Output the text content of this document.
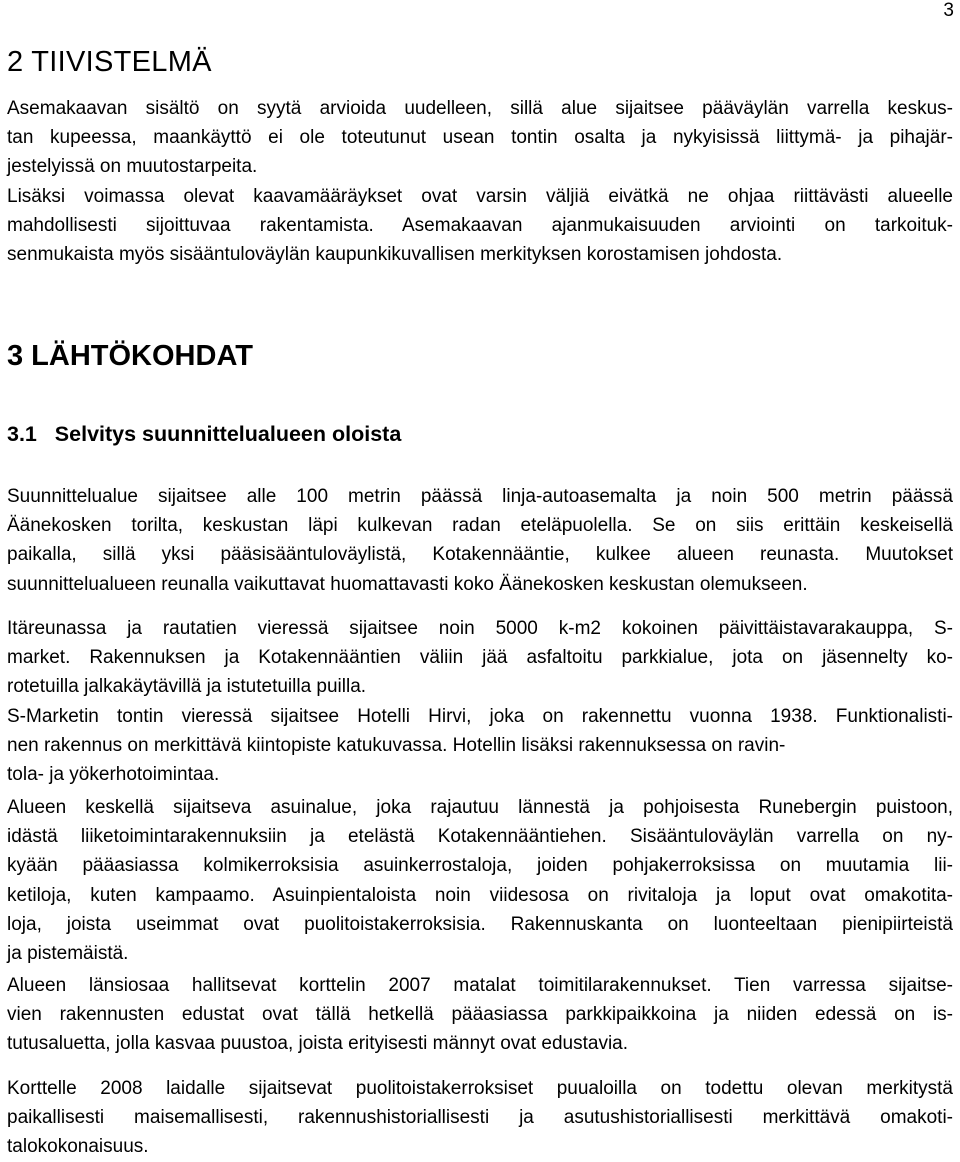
3
2 TIIVISTELMÄ
Asemakaavan sisältö on syytä arvioida uudelleen, sillä alue sijaitsee pääväylän varrella keskus-
tan kupeessa, maankäyttö ei ole toteutunut usean tontin osalta ja nykyisissä liittymä- ja pihajär-
jestelyissä on muutostarpeita.
Lisäksi voimassa olevat kaavamääräykset ovat varsin väljiä eivätkä ne ohjaa riittävästi alueelle
mahdollisesti sijoittuvaa rakentamista. Asemakaavan ajanmukaisuuden arviointi on tarkoituk-
senmukaista myös sisääntuloväylän kaupunkikuvallisen merkityksen korostamisen johdosta.
3 LÄHTÖKOHDAT
3.1   Selvitys suunnittelualueen oloista
Suunnittelualue sijaitsee alle 100 metrin päässä linja-autoasemalta ja noin 500 metrin päässä
Äänekosken torilta, keskustan läpi kulkevan radan eteläpuolella. Se on siis erittäin keskeisellä
paikalla, sillä yksi pääsisääntuloväylistä, Kotakennääntie, kulkee alueen reunasta. Muutokset
suunnittelualueen reunalla vaikuttavat huomattavasti koko Äänekosken keskustan olemukseen.
Itäreunassa ja rautatien vieressä sijaitsee noin 5000 k-m2 kokoinen päivittäistavarakauppa, S-
market. Rakennuksen ja Kotakennääntien väliin jää asfaltoitu parkkialue, jota on jäsennelty ko-
rotetuilla jalkakäytävillä ja istutetuilla puilla.
S-Marketin tontin vieressä sijaitsee Hotelli Hirvi, joka on rakennettu vuonna 1938. Funktionalisti-
nen rakennus on merkittävä kiintopiste katukuvassa. Hotellin lisäksi rakennuksessa on ravin-
tola- ja yökerhotoimintaa.
Alueen keskellä sijaitseva asuinalue, joka rajautuu lännestä ja pohjoisesta Runebergin puistoon,
idästä liiketoimintarakennuksiin ja etelästä Kotakennääntiehen. Sisääntuloväylän varrella on ny-
kyään pääasiassa kolmikerroksisia asuinkerrostaloja, joiden pohjakerroksissa on muutamia lii-
ketiloja, kuten kampaamo. Asuinpientaloista noin viidesosa on rivitaloja ja loput ovat omakotita-
loja, joista useimmat ovat puolitoistakerroksisia. Rakennuskanta on luonteeltaan pienipiirteistä
ja pistemäistä.
Alueen länsiosaa hallitsevat korttelin 2007 matalat toimitilarakennukset. Tien varressa sijaitse-
vien rakennusten edustat ovat tällä hetkellä pääasiassa parkkipaikkoina ja niiden edessä on is-
tutusaluetta, jolla kasvaa puustoa, joista erityisesti männyt ovat edustavia.
Korttelle 2008 laidalle sijaitsevat puolitoistakerroksiset puualoilla on todettu olevan merkitystä
paikallisesti maisemallisesti, rakennushistoriallisesti ja asutushistoriallisesti merkittävä omakoti-
talokokonaisuus.
